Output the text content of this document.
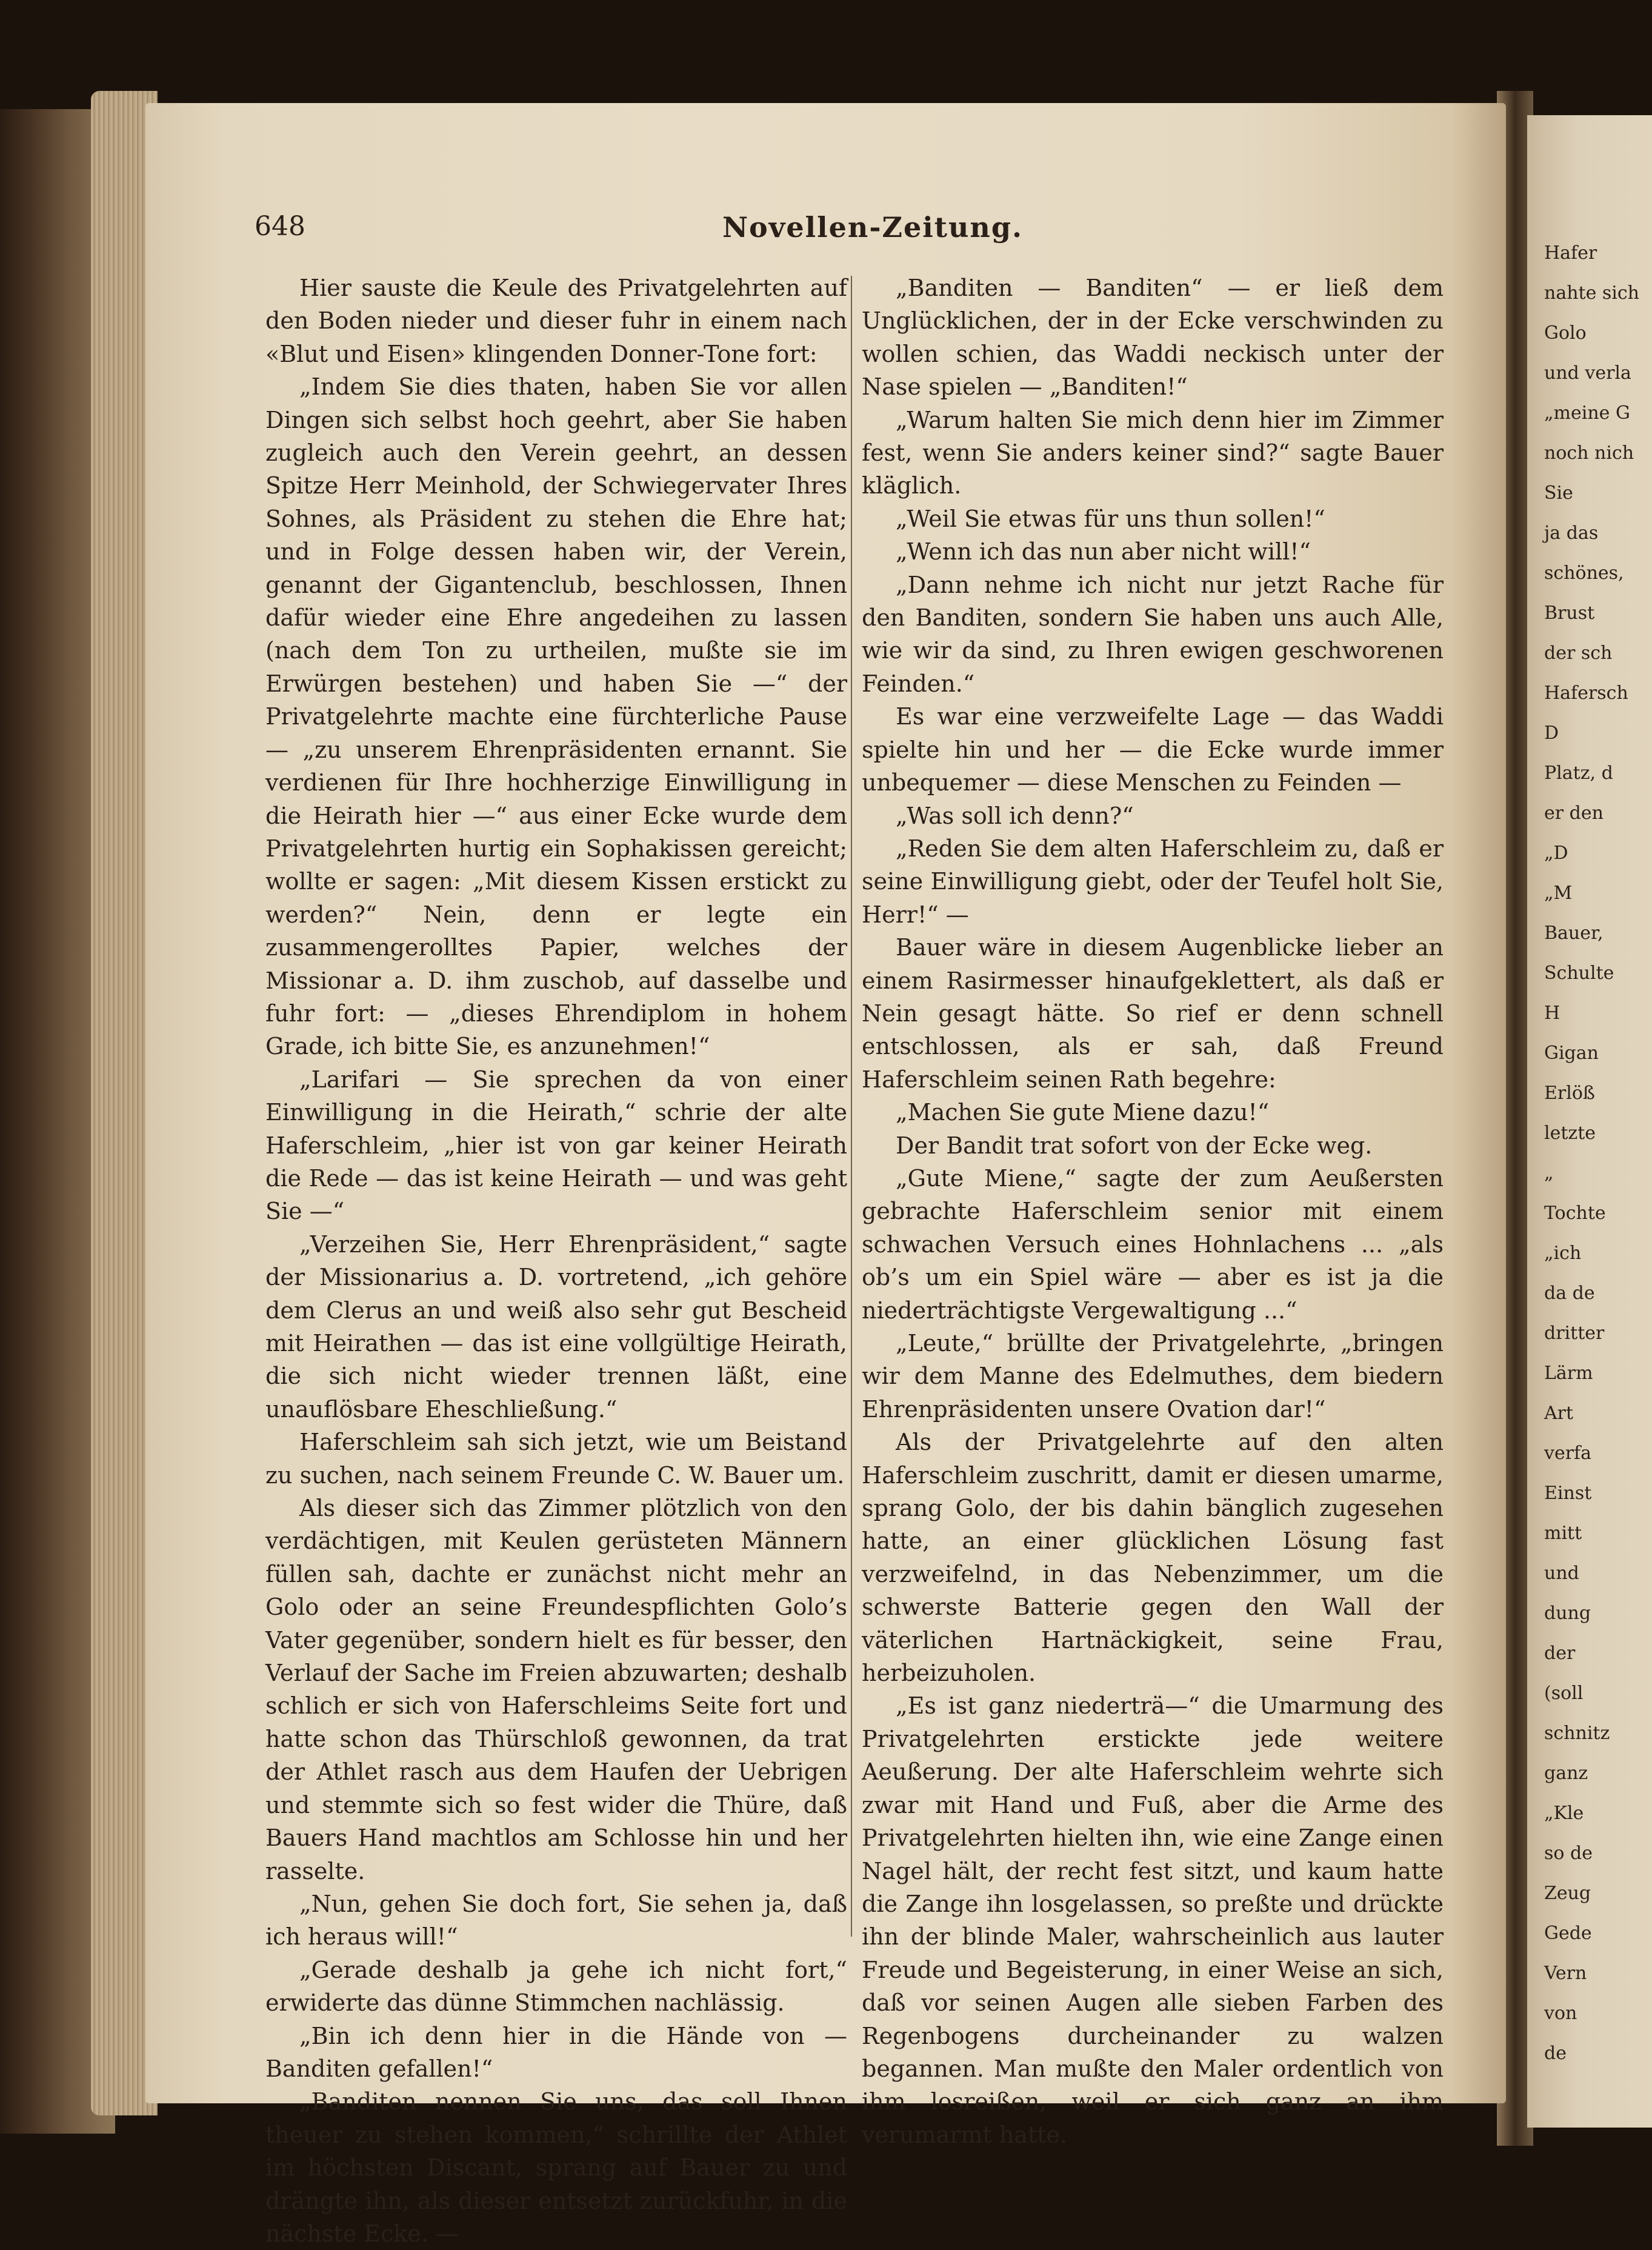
Hafer
nahte sich
Golo
und verla
„meine G
noch nich
Sie
ja das
schönes,
Brust
der sch
Hafersch
D
Platz, d
er den
„D
„M
Bauer,
Schulte
H
Gigan
Erlöß
letzte
„
Tochte
„ich
da de
dritter
Lärm
Art
verfa
Einst
mitt
und
dung
der
(soll
schnitz
ganz
„Kle
so de
Zeug
Gede
Vern
von
de
648	Novellen-Zeitung.

Hier sauste die Keule des Privatgelehrten auf den Boden nieder und dieser fuhr in einem nach «Blut und Eisen» klingenden Donner-Tone fort:

„Indem Sie dies thaten, haben Sie vor allen Dingen sich selbst hoch geehrt, aber Sie haben zugleich auch den Verein geehrt, an dessen Spitze Herr Meinhold, der Schwiegervater Ihres Sohnes, als Präsident zu stehen die Ehre hat; und in Folge dessen haben wir, der Verein, genannt der Gigantenclub, beschlossen, Ihnen dafür wieder eine Ehre angedeihen zu lassen (nach dem Ton zu urtheilen, mußte sie im Erwürgen bestehen) und haben Sie —“ der Privatgelehrte machte eine fürchterliche Pause — „zu unserem Ehrenpräsidenten ernannt. Sie verdienen für Ihre hochherzige Einwilligung in die Heirath hier —“ aus einer Ecke wurde dem Privatgelehrten hurtig ein Sophakissen gereicht; wollte er sagen: „Mit diesem Kissen erstickt zu werden?“ Nein, denn er legte ein zusammengerolltes Papier, welches der Missionar a. D. ihm zuschob, auf dasselbe und fuhr fort: — „dieses Ehrendiplom in hohem Grade, ich bitte Sie, es anzunehmen!“

„Larifari — Sie sprechen da von einer Einwilligung in die Heirath,“ schrie der alte Haferschleim, „hier ist von gar keiner Heirath die Rede — das ist keine Heirath — und was geht Sie —“

„Verzeihen Sie, Herr Ehrenpräsident,“ sagte der Missionarius a. D. vortretend, „ich gehöre dem Clerus an und weiß also sehr gut Bescheid mit Heirathen — das ist eine vollgültige Heirath, die sich nicht wieder trennen läßt, eine unauflösbare Eheschließung.“

Haferschleim sah sich jetzt, wie um Beistand zu suchen, nach seinem Freunde C. W. Bauer um.

Als dieser sich das Zimmer plötzlich von den verdächtigen, mit Keulen gerüsteten Männern füllen sah, dachte er zunächst nicht mehr an Golo oder an seine Freundespflichten Golo’s Vater gegenüber, sondern hielt es für besser, den Verlauf der Sache im Freien abzuwarten; deshalb schlich er sich von Haferschleims Seite fort und hatte schon das Thürschloß gewonnen, da trat der Athlet rasch aus dem Haufen der Uebrigen und stemmte sich so fest wider die Thüre, daß Bauers Hand machtlos am Schlosse hin und her rasselte.

„Nun, gehen Sie doch fort, Sie sehen ja, daß ich heraus will!“

„Gerade deshalb ja gehe ich nicht fort,“ erwiderte das dünne Stimmchen nachlässig.

„Bin ich denn hier in die Hände von — Banditen gefallen!“

„Banditen nennen Sie uns, das soll Ihnen theuer zu stehen kommen,“ schrillte der Athlet im höchsten Discant, sprang auf Bauer zu und drängte ihn, als dieser entsetzt zurückfuhr, in die nächste Ecke. —

„Banditen — Banditen“ — er ließ dem Unglücklichen, der in der Ecke verschwinden zu wollen schien, das Waddi neckisch unter der Nase spielen — „Banditen!“

„Warum halten Sie mich denn hier im Zimmer fest, wenn Sie anders keiner sind?“ sagte Bauer kläglich.

„Weil Sie etwas für uns thun sollen!“

„Wenn ich das nun aber nicht will!“

„Dann nehme ich nicht nur jetzt Rache für den Banditen, sondern Sie haben uns auch Alle, wie wir da sind, zu Ihren ewigen geschworenen Feinden.“

Es war eine verzweifelte Lage — das Waddi spielte hin und her — die Ecke wurde immer unbequemer — diese Menschen zu Feinden —

„Was soll ich denn?“

„Reden Sie dem alten Haferschleim zu, daß er seine Einwilligung giebt, oder der Teufel holt Sie, Herr!“ —

Bauer wäre in diesem Augenblicke lieber an einem Rasirmesser hinaufgeklettert, als daß er Nein gesagt hätte. So rief er denn schnell entschlossen, als er sah, daß Freund Haferschleim seinen Rath begehre:

„Machen Sie gute Miene dazu!“

Der Bandit trat sofort von der Ecke weg.

„Gute Miene,“ sagte der zum Aeußersten gebrachte Haferschleim senior mit einem schwachen Versuch eines Hohnlachens ... „als ob’s um ein Spiel wäre — aber es ist ja die niederträchtigste Vergewaltigung ...“

„Leute,“ brüllte der Privatgelehrte, „bringen wir dem Manne des Edelmuthes, dem biedern Ehrenpräsidenten unsere Ovation dar!“

Als der Privatgelehrte auf den alten Haferschleim zuschritt, damit er diesen umarme, sprang Golo, der bis dahin bänglich zugesehen hatte, an einer glücklichen Lösung fast verzweifelnd, in das Nebenzimmer, um die schwerste Batterie gegen den Wall der väterlichen Hartnäckigkeit, seine Frau, herbeizuholen.

„Es ist ganz niederträ—“ die Umarmung des Privatgelehrten erstickte jede weitere Aeußerung. Der alte Haferschleim wehrte sich zwar mit Hand und Fuß, aber die Arme des Privatgelehrten hielten ihn, wie eine Zange einen Nagel hält, der recht fest sitzt, und kaum hatte die Zange ihn losgelassen, so preßte und drückte ihn der blinde Maler, wahrscheinlich aus lauter Freude und Begeisterung, in einer Weise an sich, daß vor seinen Augen alle sieben Farben des Regenbogens durcheinander zu walzen begannen. Man mußte den Maler ordentlich von ihm losreißen, weil er sich ganz an ihm verumarmt hatte.
